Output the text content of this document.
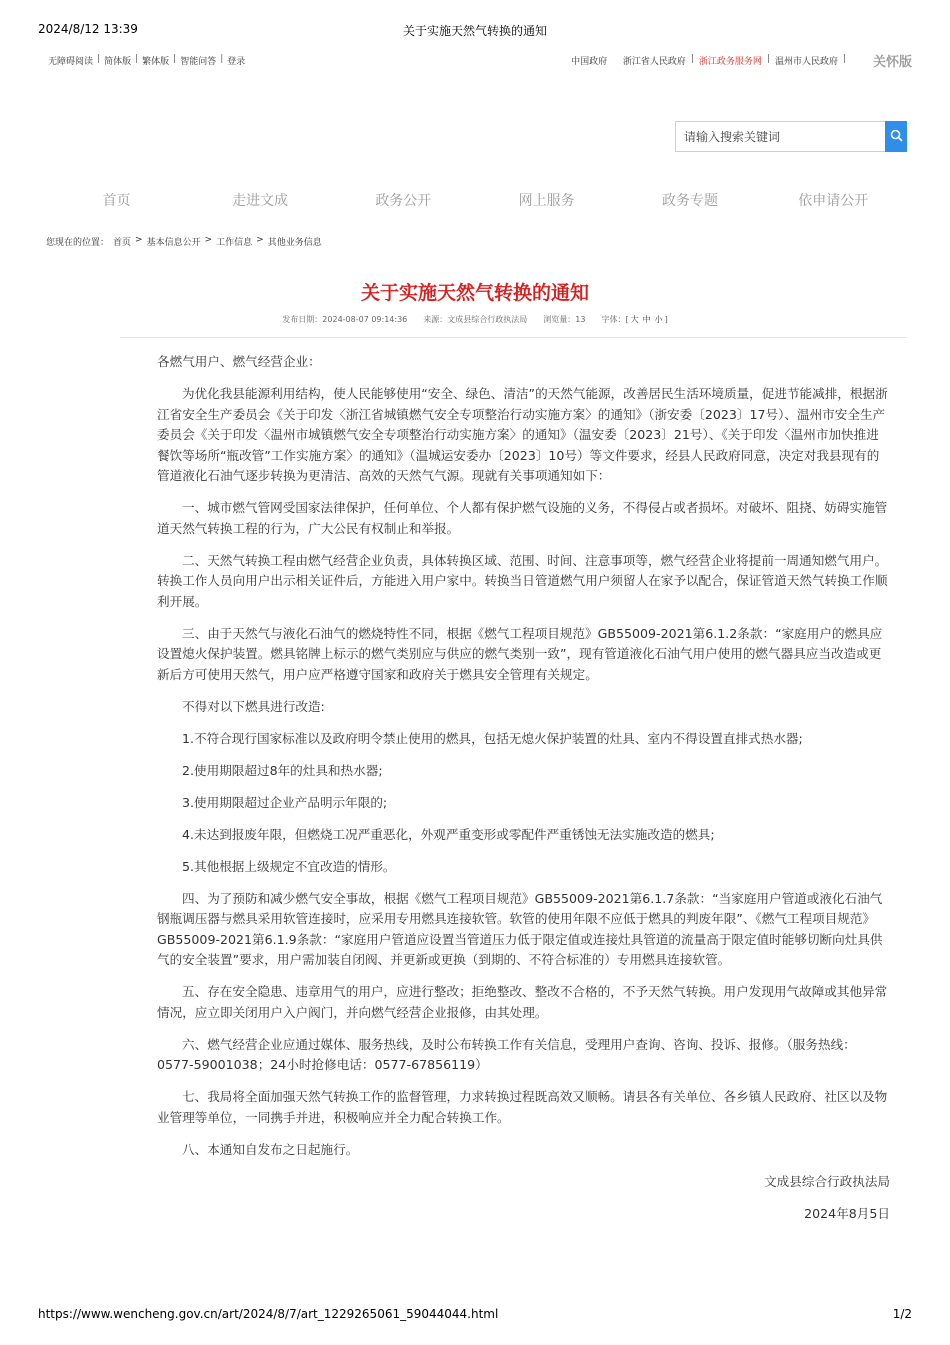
2024/8/12 13:39	关于实施天然气转换的通知
无障碍阅读 | 简体版 | 繁体版 | 智能问答 | 登录	中国政府
浙江省人民政府 | 浙江政务服务网 | 温州市人民政府 | 关怀版
请输入搜索关键词
首页	走进文成	政务公开	网上服务	政务专题	依申请公开
您现在的位置： 首页 > 基本信息公开 > 工作信息 > 其他业务信息
关于实施天然气转换的通知
发布日期：2024-08-07 09:14:36 来源：文成县综合行政执法局 浏览量：13 字体：[ 大 中 小 ]

各燃气用户、燃气经营企业：

为优化我县能源利用结构，使人民能够使用“安全、绿色、清洁”的天然气能源，改善居民生活环境质量，促进节能减排，根据浙江省安全生产委员会《关于印发〈浙江省城镇燃气安全专项整治行动实施方案〉的通知》（浙安委〔2023〕17号）、温州市安全生产委员会《关于印发〈温州市城镇燃气安全专项整治行动实施方案〉的通知》（温安委〔2023〕21号）、《关于印发〈温州市加快推进餐饮等场所“瓶改管”工作实施方案〉的通知》（温城运安委办〔2023〕10号）等文件要求，经县人民政府同意，决定对我县现有的管道液化石油气逐步转换为更清洁、高效的天然气气源。现就有关事项通知如下：

一、城市燃气管网受国家法律保护，任何单位、个人都有保护燃气设施的义务，不得侵占或者损坏。对破坏、阻挠、妨碍实施管道天然气转换工程的行为，广大公民有权制止和举报。

二、天然气转换工程由燃气经营企业负责，具体转换区域、范围、时间、注意事项等，燃气经营企业将提前一周通知燃气用户。转换工作人员向用户出示相关证件后，方能进入用户家中。转换当日管道燃气用户须留人在家予以配合，保证管道天然气转换工作顺利开展。

三、由于天然气与液化石油气的燃烧特性不同，根据《燃气工程项目规范》GB55009-2021第6.1.2条款：“家庭用户的燃具应设置熄火保护装置。燃具铭牌上标示的燃气类别应与供应的燃气类别一致”，现有管道液化石油气用户使用的燃气器具应当改造或更新后方可使用天然气，用户应严格遵守国家和政府关于燃具安全管理有关规定。

不得对以下燃具进行改造:

1.不符合现行国家标准以及政府明令禁止使用的燃具，包括无熄火保护装置的灶具、室内不得设置直排式热水器;

2.使用期限超过8年的灶具和热水器;

3.使用期限超过企业产品明示年限的;

4.未达到报废年限，但燃烧工况严重恶化，外观严重变形或零配件严重锈蚀无法实施改造的燃具;

5.其他根据上级规定不宜改造的情形。

四、为了预防和减少燃气安全事故，根据《燃气工程项目规范》GB55009-2021第6.1.7条款：“当家庭用户管道或液化石油气钢瓶调压器与燃具采用软管连接时，应采用专用燃具连接软管。软管的使用年限不应低于燃具的判废年限”、《燃气工程项目规范》GB55009-2021第6.1.9条款：“家庭用户管道应设置当管道压力低于限定值或连接灶具管道的流量高于限定值时能够切断向灶具供气的安全装置”要求，用户需加装自闭阀、并更新或更换（到期的、不符合标准的）专用燃具连接软管。

五、存在安全隐患、违章用气的用户，应进行整改；拒绝整改、整改不合格的，不予天然气转换。用户发现用气故障或其他异常情况，应立即关闭用户入户阀门，并向燃气经营企业报修，由其处理。

六、燃气经营企业应通过媒体、服务热线，及时公布转换工作有关信息，受理用户查询、咨询、投诉、报修。（服务热线：0577-59001038；24小时抢修电话：0577-67856119）

七、我局将全面加强天然气转换工作的监督管理，力求转换过程既高效又顺畅。请县各有关单位、各乡镇人民政府、社区以及物业管理等单位，一同携手并进，积极响应并全力配合转换工作。

八、本通知自发布之日起施行。

文成县综合行政执法局

2024年8月5日

https://www.wencheng.gov.cn/art/2024/8/7/art_1229265061_59044044.html	1/2
